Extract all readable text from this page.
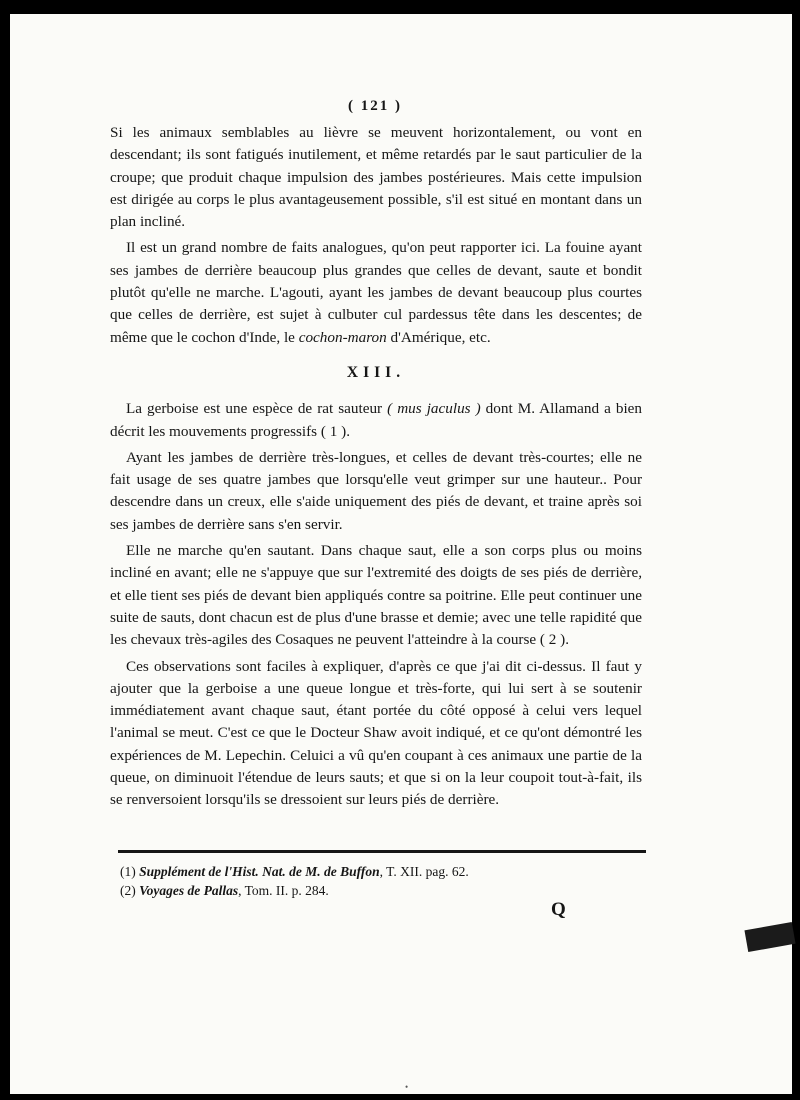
( 121 )

Si les animaux semblables au lièvre se meuvent horizontalement, ou vont en descendant; ils sont fatigués inutilement, et même retardés par le saut particulier de la croupe; que produit chaque impulsion des jambes postérieures. Mais cette impulsion est dirigée au corps le plus avantageusement possible, s'il est situé en montant dans un plan incliné.

Il est un grand nombre de faits analogues, qu'on peut rapporter ici. La fouine ayant ses jambes de derrière beaucoup plus grandes que celles de devant, saute et bondit plutôt qu'elle ne marche. L'agouti, ayant les jambes de devant beaucoup plus courtes que celles de derrière, est sujet à culbuter cul pardessus tête dans les descentes; de même que le cochon d'Inde, le cochon-maron d'Amérique, etc.

XIII.

La gerboise est une espèce de rat sauteur ( mus jaculus ) dont M. Allamand a bien décrit les mouvements progressifs ( 1 ).

Ayant les jambes de derrière très-longues, et celles de devant très-courtes; elle ne fait usage de ses quatre jambes que lorsqu'elle veut grimper sur une hauteur.. Pour descendre dans un creux, elle s'aide uniquement des piés de devant, et traine après soi ses jambes de derrière sans s'en servir.

Elle ne marche qu'en sautant. Dans chaque saut, elle a son corps plus ou moins incliné en avant; elle ne s'appuye que sur l'extremité des doigts de ses piés de derrière, et elle tient ses piés de devant bien appliqués contre sa poitrine. Elle peut continuer une suite de sauts, dont chacun est de plus d'une brasse et demie; avec une telle rapidité que les chevaux très-agiles des Cosaques ne peuvent l'atteindre à la course ( 2 ).

Ces observations sont faciles à expliquer, d'après ce que j'ai dit ci-dessus. Il faut y ajouter que la gerboise a une queue longue et très-forte, qui lui sert à se soutenir immédiatement avant chaque saut, étant portée du côté opposé à celui vers lequel l'animal se meut. C'est ce que le Docteur Shaw avoit indiqué, et ce qu'ont démontré les expériences de M. Lepechin. Celuici a vû qu'en coupant à ces animaux une partie de la queue, on diminuoit l'étendue de leurs sauts; et que si on la leur coupoit tout-à-fait, ils se renversoient lorsqu'ils se dressoient sur leurs piés de derrière.

(1) Supplément de l'Hist. Nat. de M. de Buffon, T. XII. pag. 62.

(2) Voyages de Pallas, Tom. II. p. 284.

Q
•
